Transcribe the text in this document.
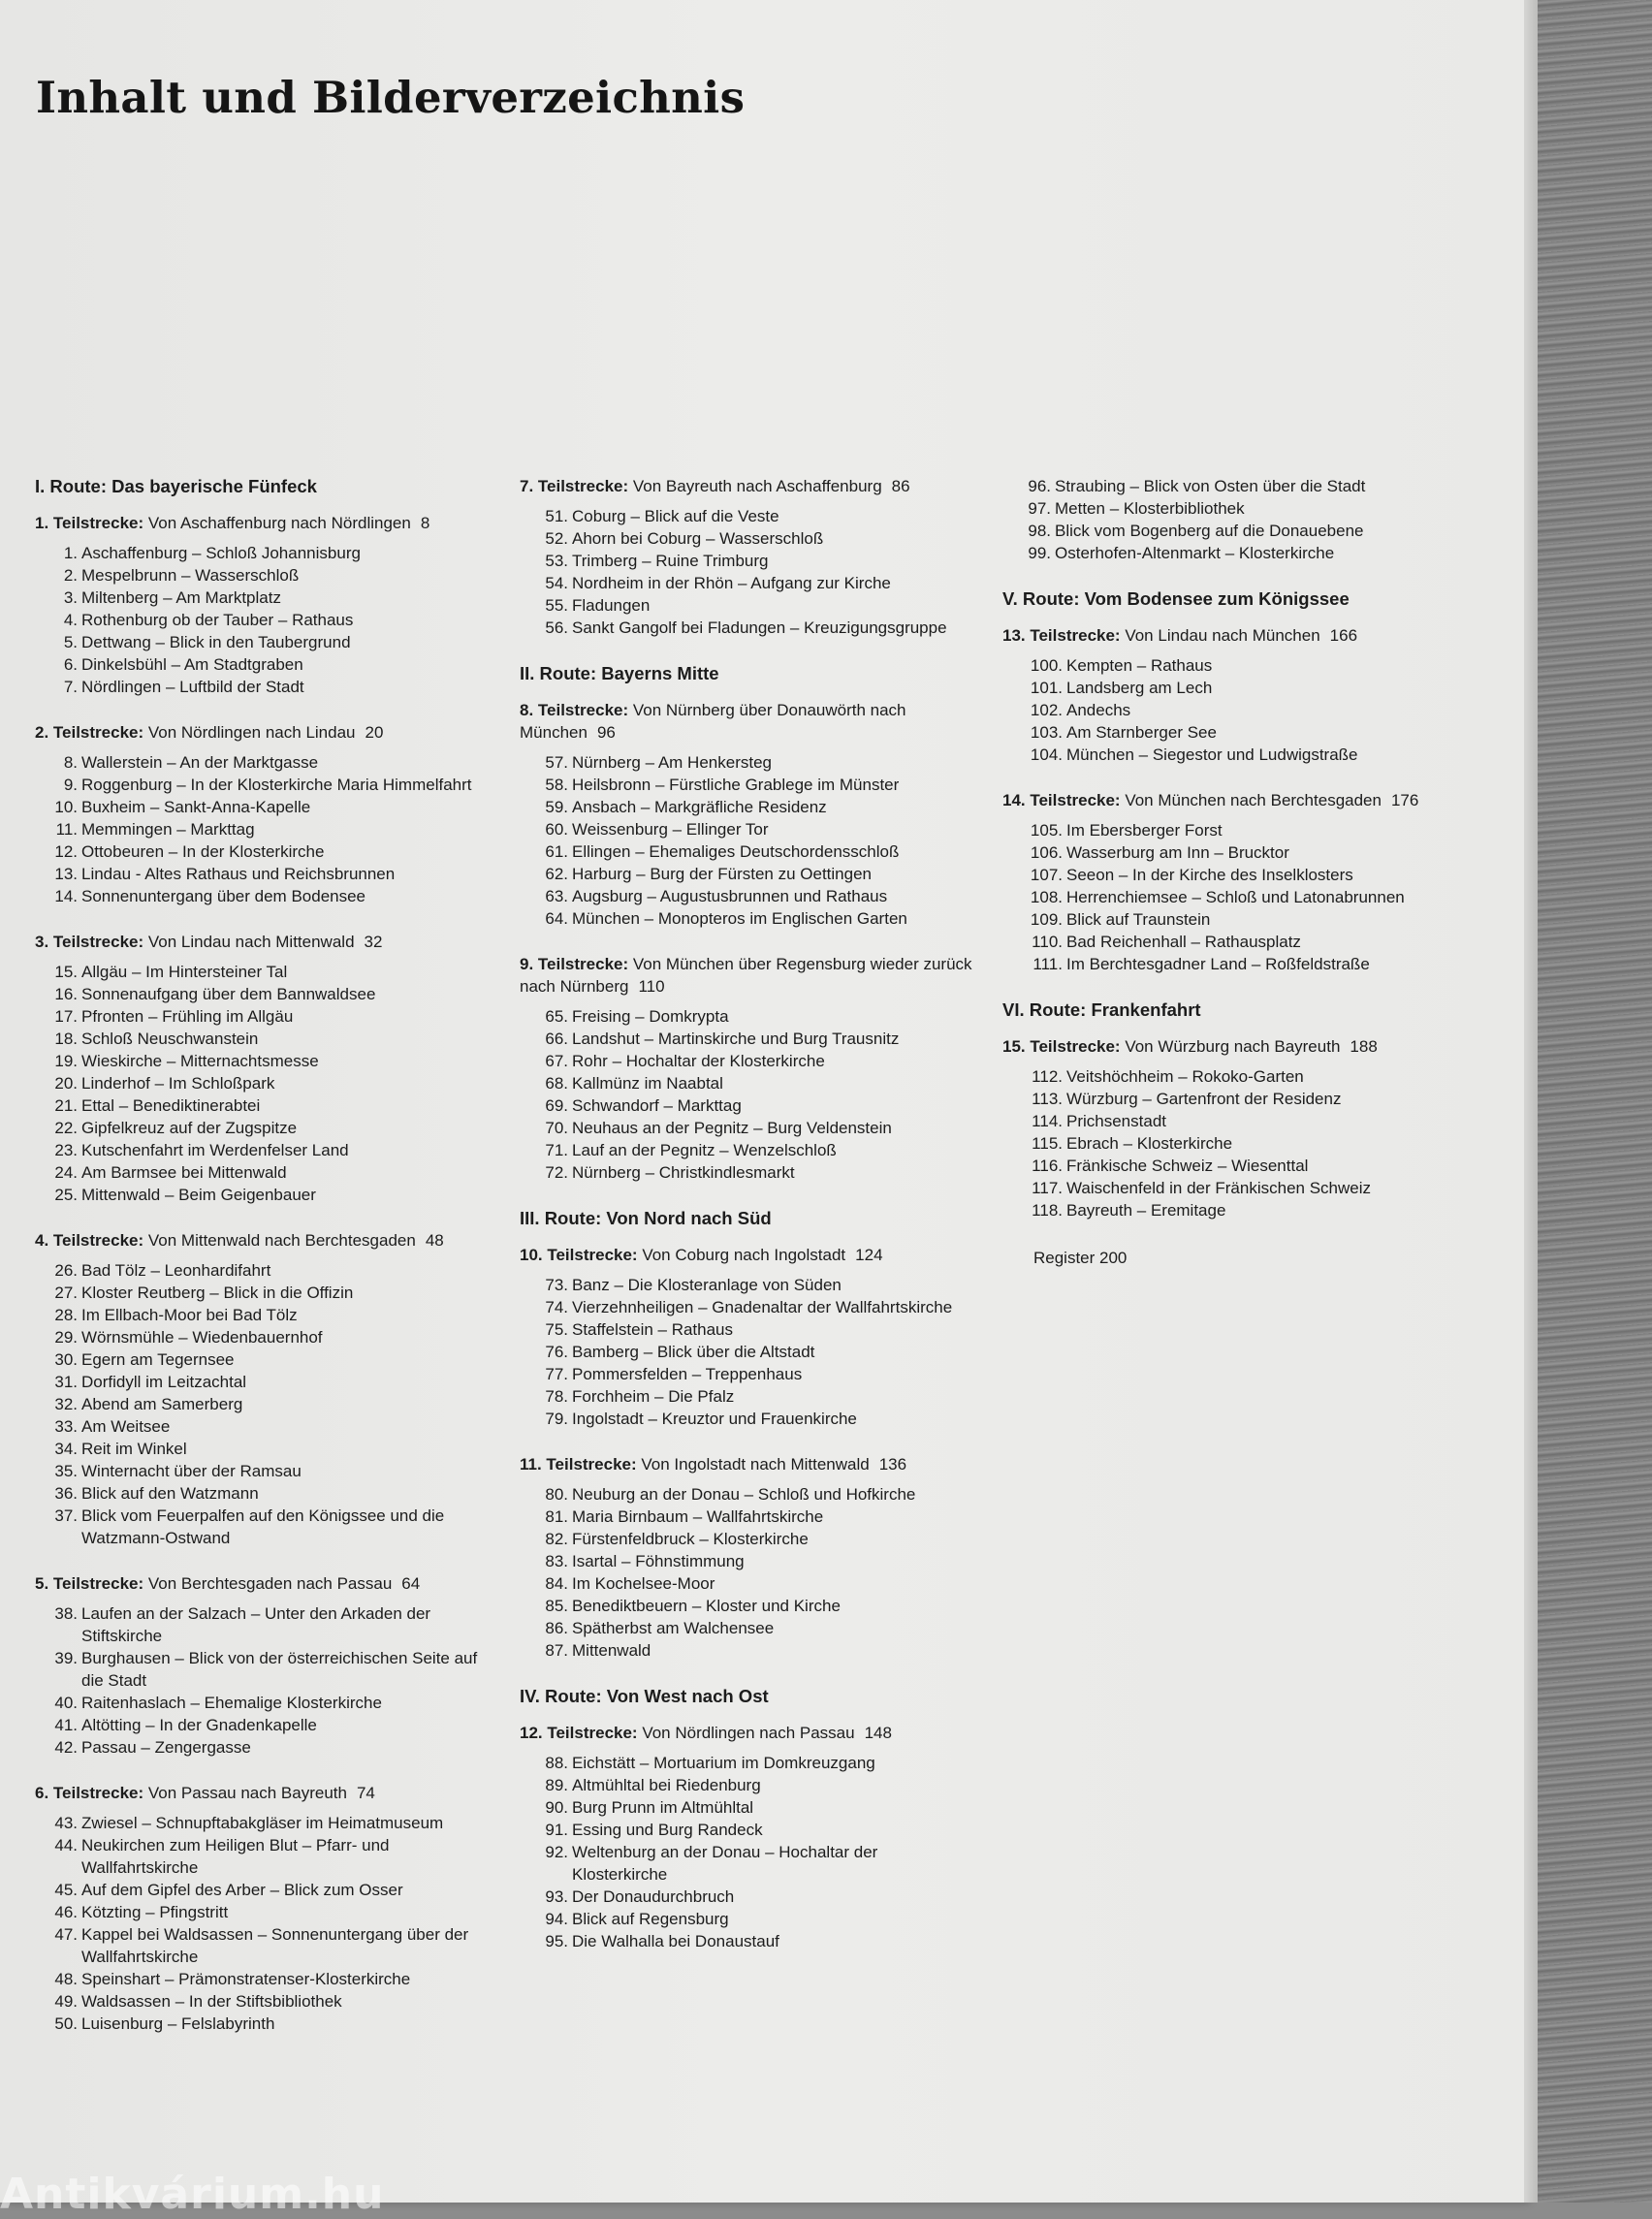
Inhalt und Bilderverzeichnis
I. Route: Das bayerische Fünfeck
1. Teilstrecke: Von Aschaffenburg nach Nördlingen 8
1. Aschaffenburg – Schloß Johannisburg
2. Mespelbrunn – Wasserschloß
3. Miltenberg – Am Marktplatz
4. Rothenburg ob der Tauber – Rathaus
5. Dettwang – Blick in den Taubergrund
6. Dinkelsbühl – Am Stadtgraben
7. Nördlingen – Luftbild der Stadt
2. Teilstrecke: Von Nördlingen nach Lindau 20
8. Wallerstein – An der Marktgasse
9. Roggenburg – In der Klosterkirche Maria Himmelfahrt
10. Buxheim – Sankt-Anna-Kapelle
11. Memmingen – Markttag
12. Ottobeuren – In der Klosterkirche
13. Lindau - Altes Rathaus und Reichsbrunnen
14. Sonnenuntergang über dem Bodensee
3. Teilstrecke: Von Lindau nach Mittenwald 32
15. Allgäu – Im Hintersteiner Tal
16. Sonnenaufgang über dem Bannwaldsee
17. Pfronten – Frühling im Allgäu
18. Schloß Neuschwanstein
19. Wieskirche – Mitternachtsmesse
20. Linderhof – Im Schloßpark
21. Ettal – Benediktinerabtei
22. Gipfelkreuz auf der Zugspitze
23. Kutschenfahrt im Werdenfelser Land
24. Am Barmsee bei Mittenwald
25. Mittenwald – Beim Geigenbauer
4. Teilstrecke: Von Mittenwald nach Berchtesgaden 48
26. Bad Tölz – Leonhardifahrt
27. Kloster Reutberg – Blick in die Offizin
28. Im Ellbach-Moor bei Bad Tölz
29. Wörnsmühle – Wiedenbauernhof
30. Egern am Tegernsee
31. Dorfidyll im Leitzachtal
32. Abend am Samerberg
33. Am Weitsee
34. Reit im Winkel
35. Winternacht über der Ramsau
36. Blick auf den Watzmann
37. Blick vom Feuerpalfen auf den Königssee und die Watzmann-Ostwand
5. Teilstrecke: Von Berchtesgaden nach Passau 64
38. Laufen an der Salzach – Unter den Arkaden der Stiftskirche
39. Burghausen – Blick von der österreichischen Seite auf die Stadt
40. Raitenhaslach – Ehemalige Klosterkirche
41. Altötting – In der Gnadenkapelle
42. Passau – Zengergasse
6. Teilstrecke: Von Passau nach Bayreuth 74
43. Zwiesel – Schnupftabakgläser im Heimatmuseum
44. Neukirchen zum Heiligen Blut – Pfarr- und Wallfahrtskirche
45. Auf dem Gipfel des Arber – Blick zum Osser
46. Kötzting – Pfingstritt
47. Kappel bei Waldsassen – Sonnenuntergang über der Wallfahrtskirche
48. Speinshart – Prämonstratenser-Klosterkirche
49. Waldsassen – In der Stiftsbibliothek
50. Luisenburg – Felslabyrinth
7. Teilstrecke: Von Bayreuth nach Aschaffenburg 86
51. Coburg – Blick auf die Veste
52. Ahorn bei Coburg – Wasserschloß
53. Trimberg – Ruine Trimburg
54. Nordheim in der Rhön – Aufgang zur Kirche
55. Fladungen
56. Sankt Gangolf bei Fladungen – Kreuzigungsgruppe
II. Route: Bayerns Mitte
8. Teilstrecke: Von Nürnberg über Donauwörth nach München 96
57. Nürnberg – Am Henkersteg
58. Heilsbronn – Fürstliche Grablege im Münster
59. Ansbach – Markgräfliche Residenz
60. Weissenburg – Ellinger Tor
61. Ellingen – Ehemaliges Deutschordensschloß
62. Harburg – Burg der Fürsten zu Oettingen
63. Augsburg – Augustusbrunnen und Rathaus
64. München – Monopteros im Englischen Garten
9. Teilstrecke: Von München über Regensburg wieder zurück nach Nürnberg 110
65. Freising – Domkrypta
66. Landshut – Martinskirche und Burg Trausnitz
67. Rohr – Hochaltar der Klosterkirche
68. Kallmünz im Naabtal
69. Schwandorf – Markttag
70. Neuhaus an der Pegnitz – Burg Veldenstein
71. Lauf an der Pegnitz – Wenzelschloß
72. Nürnberg – Christkindlesmarkt
III. Route: Von Nord nach Süd
10. Teilstrecke: Von Coburg nach Ingolstadt 124
73. Banz – Die Klosteranlage von Süden
74. Vierzehnheiligen – Gnadenaltar der Wallfahrtskirche
75. Staffelstein – Rathaus
76. Bamberg – Blick über die Altstadt
77. Pommersfelden – Treppenhaus
78. Forchheim – Die Pfalz
79. Ingolstadt – Kreuztor und Frauenkirche
11. Teilstrecke: Von Ingolstadt nach Mittenwald 136
80. Neuburg an der Donau – Schloß und Hofkirche
81. Maria Birnbaum – Wallfahrtskirche
82. Fürstenfeldbruck – Klosterkirche
83. Isartal – Föhnstimmung
84. Im Kochelsee-Moor
85. Benediktbeuern – Kloster und Kirche
86. Spätherbst am Walchensee
87. Mittenwald
IV. Route: Von West nach Ost
12. Teilstrecke: Von Nördlingen nach Passau 148
88. Eichstätt – Mortuarium im Domkreuzgang
89. Altmühltal bei Riedenburg
90. Burg Prunn im Altmühltal
91. Essing und Burg Randeck
92. Weltenburg an der Donau – Hochaltar der Klosterkirche
93. Der Donaudurchbruch
94. Blick auf Regensburg
95. Die Walhalla bei Donaustauf
96. Straubing – Blick von Osten über die Stadt
97. Metten – Klosterbibliothek
98. Blick vom Bogenberg auf die Donauebene
99. Osterhofen-Altenmarkt – Klosterkirche
V. Route: Vom Bodensee zum Königssee
13. Teilstrecke: Von Lindau nach München 166
100. Kempten – Rathaus
101. Landsberg am Lech
102. Andechs
103. Am Starnberger See
104. München – Siegestor und Ludwigstraße
14. Teilstrecke: Von München nach Berchtesgaden 176
105. Im Ebersberger Forst
106. Wasserburg am Inn – Brucktor
107. Seeon – In der Kirche des Inselklosters
108. Herrenchiemsee – Schloß und Latonabrunnen
109. Blick auf Traunstein
110. Bad Reichenhall – Rathausplatz
111. Im Berchtesgadner Land – Roßfeldstraße
VI. Route: Frankenfahrt
15. Teilstrecke: Von Würzburg nach Bayreuth 188
112. Veitshöchheim – Rokoko-Garten
113. Würzburg – Gartenfront der Residenz
114. Prichsenstadt
115. Ebrach – Klosterkirche
116. Fränkische Schweiz – Wiesenttal
117. Waischenfeld in der Fränkischen Schweiz
118. Bayreuth – Eremitage
Register 200
Antikvárium.hu
